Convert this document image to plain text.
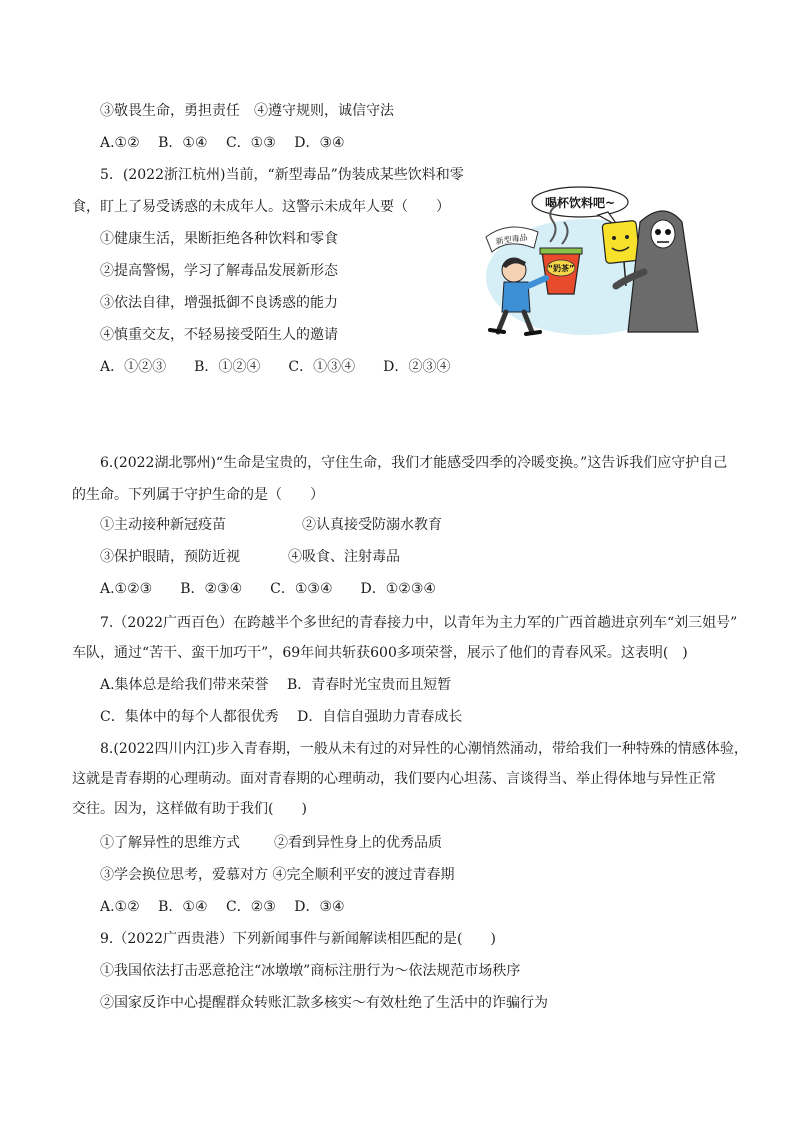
③敬畏生命，勇担责任　④遵守规则，诚信守法
A.①②　 B．①④　 C．①③　 D．③④
5．(2022浙江杭州)当前，“新型毒品”伪装成某些饮料和零
食，盯上了易受诱惑的未成年人。这警示未成年人要（　　）
①健康生活，果断拒绝各种饮料和零食
②提高警惕，学习了解毒品发展新形态
③依法自律，增强抵御不良诱惑的能力
④慎重交友，不轻易接受陌生人的邀请
A．①②③　　B．①②④　　C．①③④　　D．②③④
喝杯饮料吧~
新型毒品
“奶茶”
6.(2022湖北鄂州)“生命是宝贵的，守住生命，我们才能感受四季的冷暖变换。”这告诉我们应守护自己
的生命。下列属于守护生命的是（　　）
①主动接种新冠疫苗	②认真接受防溺水教育
③保护眼睛，预防近视	④吸食、注射毒品
A.①②③　　B．②③④　　C．①③④　　D．①②③④
7.（2022广西百色）在跨越半个多世纪的青春接力中，以青年为主力军的广西首趟进京列车“刘三姐号”
车队，通过“苦干、蛮干加巧干”，69年间共斩获600多项荣誉，展示了他们的青春风采。这表明(　)
A.集体总是给我们带来荣誉　 B．青春时光宝贵而且短暂
C．集体中的每个人都很优秀　 D．自信自强助力青春成长
8.(2022四川内江)步入青春期，一般从未有过的对异性的心潮悄然涌动，带给我们一种特殊的情感体验，
这就是青春期的心理萌动。面对青春期的心理萌动，我们要内心坦荡、言谈得当、举止得体地与异性正常
交往。因为，这样做有助于我们(　　)
①了解异性的思维方式 ②看到异性身上的优秀品质
③学会换位思考，爱慕对方 ④完全顺利平安的渡过青春期
A.①②　 B．①④　 C．②③　 D．③④
9.（2022广西贵港）下列新闻事件与新闻解读相匹配的是(　　)
①我国依法打击恶意抢注“冰墩墩”商标注册行为～依法规范市场秩序
②国家反诈中心提醒群众转账汇款多核实～有效杜绝了生活中的诈骗行为
